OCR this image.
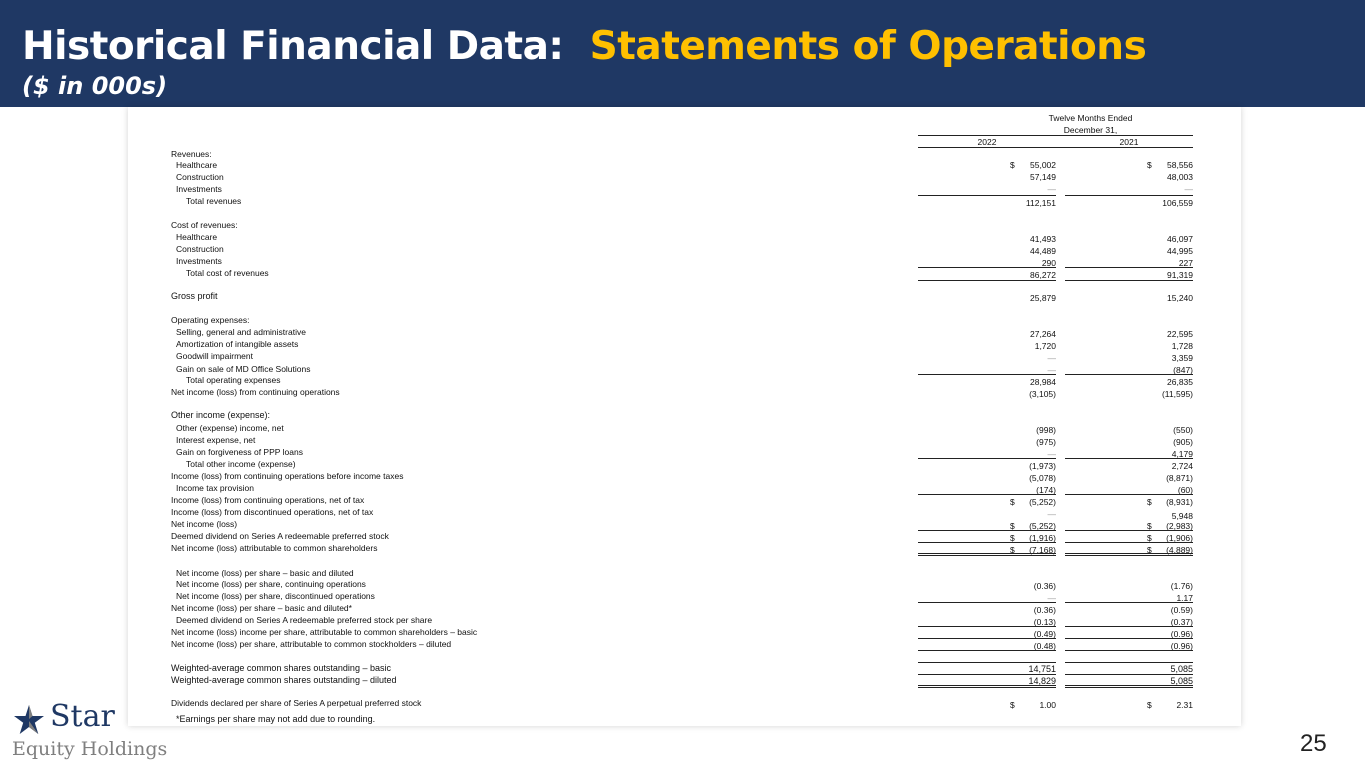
Historical Financial Data: Statements of Operations
($ in 000s)
Twelve Months Ended
December 31,
2022	2021
Revenues:
Healthcare	$ 55,002	$ 58,556
Construction	57,149	48,003
Investments	—	—
Total revenues	112,151	106,559
Cost of revenues:
Healthcare	41,493	46,097
Construction	44,489	44,995
Investments	290	227
Total cost of revenues	86,272	91,319
Gross profit	25,879	15,240
Operating expenses:
Selling, general and administrative	27,264	22,595
Amortization of intangible assets	1,720	1,728
Goodwill impairment	—	3,359
Gain on sale of MD Office Solutions	—	(847)
Total operating expenses	28,984	26,835
Net income (loss) from continuing operations	(3,105)	(11,595)
Other income (expense):
Other (expense) income, net	(998)	(550)
Interest expense, net	(975)	(905)
Gain on forgiveness of PPP loans	—	4,179
Total other income (expense)	(1,973)	2,724
Income (loss) from continuing operations before income taxes	(5,078)	(8,871)
Income tax provision	(174)	(60)
Income (loss) from continuing operations, net of tax	$ (5,252)	$ (8,931)
Income (loss) from discontinued operations, net of tax	—	5,948
Net income (loss)	$ (5,252)	$ (2,983)
Deemed dividend on Series A redeemable preferred stock	$ (1,916)	$ (1,906)
Net income (loss) attributable to common shareholders	$ (7,168)	$ (4,889)
Net income (loss) per share – basic and diluted
Net income (loss) per share, continuing operations	(0.36)	(1.76)
Net income (loss) per share, discontinued operations	—	1.17
Net income (loss) per share – basic and diluted*	(0.36)	(0.59)
Deemed dividend on Series A redeemable preferred stock per share	(0.13)	(0.37)
Net income (loss) income per share, attributable to common shareholders – basic	(0.49)	(0.96)
Net income (loss) per share, attributable to common stockholders – diluted	(0.48)	(0.96)
Weighted-average common shares outstanding – basic	14,751	5,085
Weighted-average common shares outstanding – diluted	14,829	5,085
Dividends declared per share of Series A perpetual preferred stock	$	1.00	$	2.31
*Earnings per share may not add due to rounding.
Star
Equity Holdings	25
